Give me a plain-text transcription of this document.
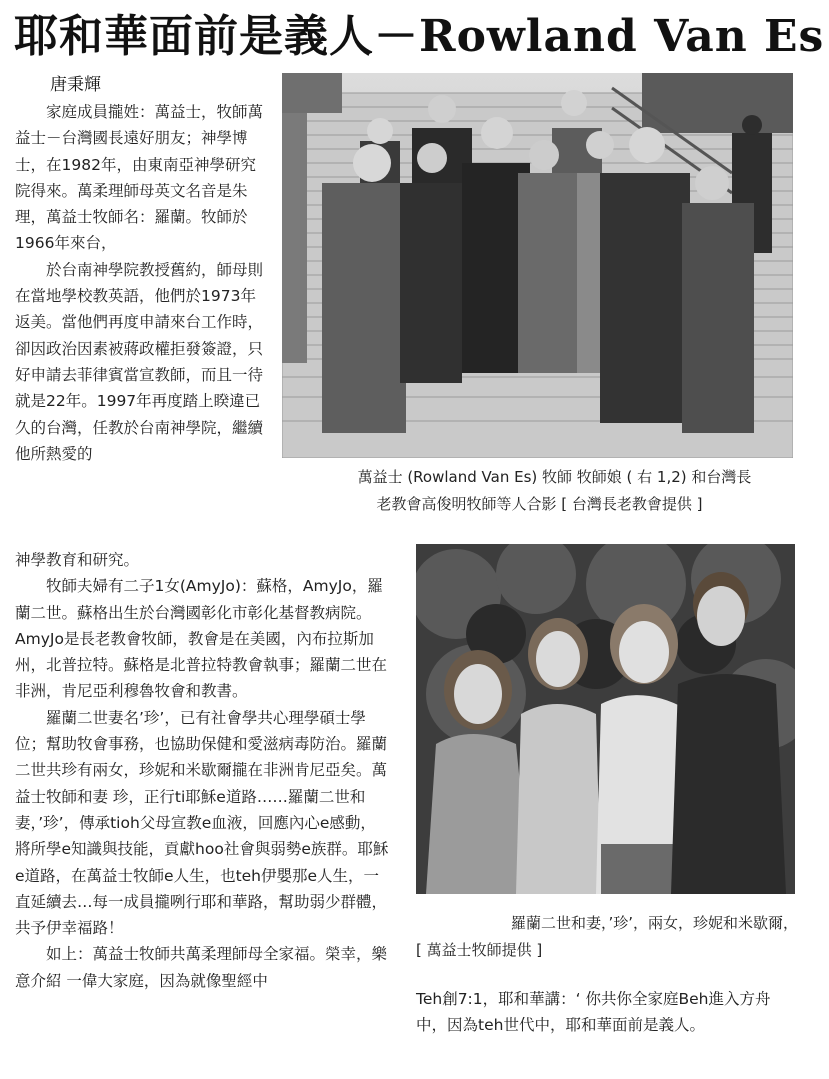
耶和華面前是義人－Rowland Van Es
唐秉輝

家庭成員攏姓：萬益士，牧師萬益士－台灣國長遠好朋友；神學博士，在1982年，由東南亞神學研究院得來。萬柔理師母英文名音是朱理，萬益士牧師名：羅蘭。牧師於1966年來台，

於台南神學院教授舊約，師母則在當地學校教英語，他們於1973年返美。當他們再度申請來台工作時，卻因政治因素被蔣政權拒發簽證，只好申請去菲律賓當宣教師，而且一待就是22年。1997年再度踏上睽違已久的台灣，任教於台南神學院，繼續他所熱愛的

萬益士 (Rowland Van Es) 牧師 牧師娘 ( 右 1,2) 和台灣長
老教會高俊明牧師等人合影 [ 台灣長老教會提供 ]

神學教育和研究。

牧師夫婦有二子1女(AmyJo)：蘇格，AmyJo，羅蘭二世。蘇格出生於台灣國彰化市彰化基督教病院。AmyJo是長老教會牧師，教會是在美國，內布拉斯加州，北普拉特。蘇格是北普拉特教會執事；羅蘭二世在非洲，肯尼亞利穆魯牧會和教書。

羅蘭二世妻名’珍’，已有社會學共心理學碩士學位；幫助牧會事務，也協助保健和愛滋病毒防治。羅蘭二世共珍有兩女，珍妮和米歇爾攏在非洲肯尼亞矣。萬益士牧師和妻 珍，正行ti耶穌e道路……羅蘭二世和妻，’珍’，傳承tioh父母宣教e血液，回應內心e感動，將所學e知識與技能，貢獻hoo社會與弱勢e族群。耶穌e道路，在萬益士牧師e人生，也teh伊嬰那e人生，一直延續去…每一成員攏咧行耶和華路，幫助弱少群體，共予伊幸福路！

如上：萬益士牧師共萬柔理師母全家福。榮幸，樂意介紹 一偉大家庭，因為就像聖經中

羅蘭二世和妻，’珍’，兩女，珍妮和米歇爾，
[ 萬益士牧師提供 ]

Teh創7:1，耶和華講：‘ 你共你全家庭Beh進入方舟中，因為teh世代中，耶和華面前是義人。
